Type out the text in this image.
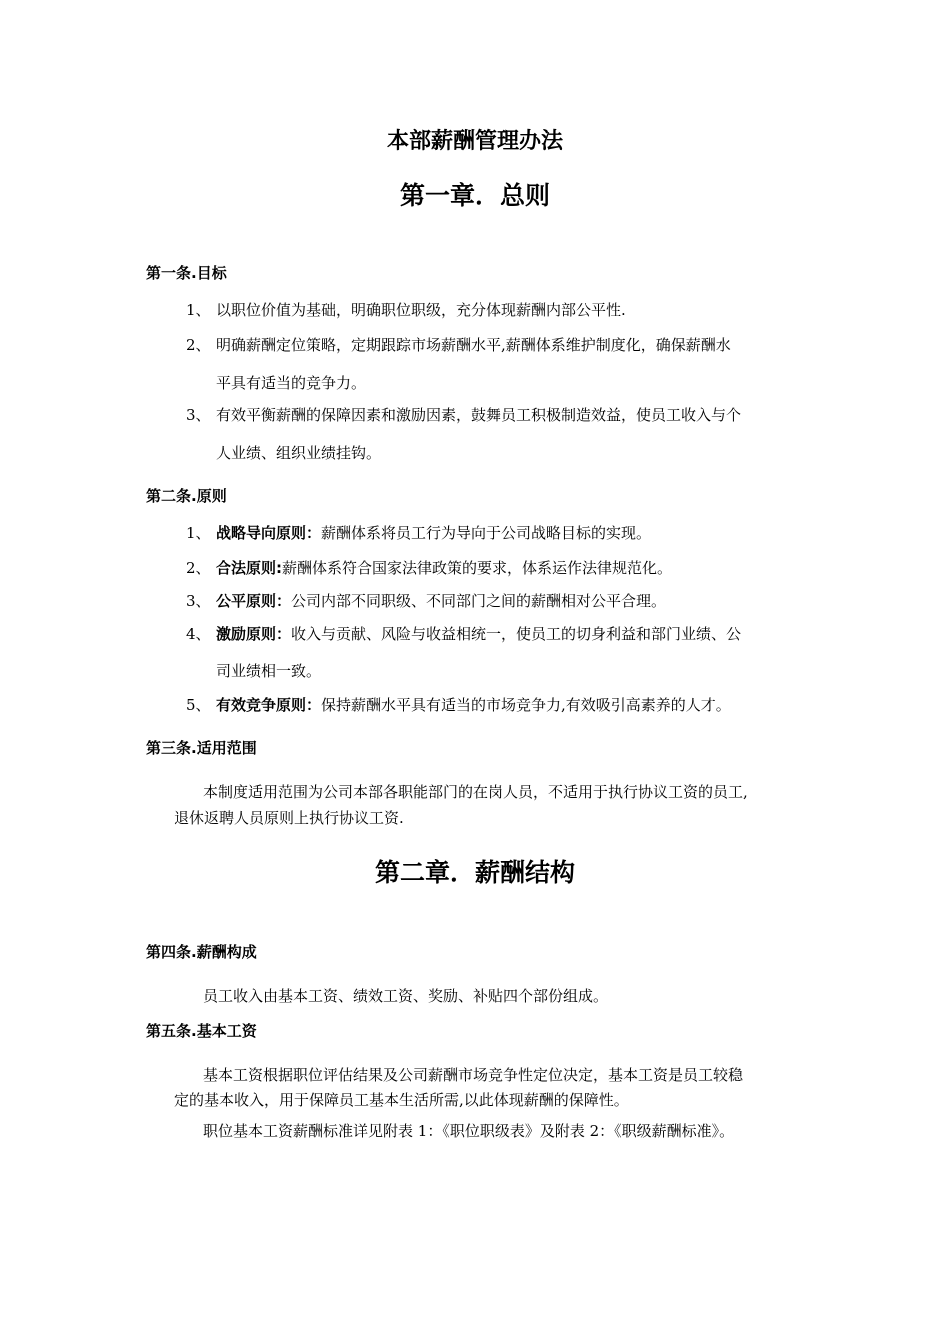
本部薪酬管理办法
第一章．总则
第一条.目标
1、 以职位价值为基础，明确职位职级，充分体现薪酬内部公平性.
2、 明确薪酬定位策略，定期跟踪市场薪酬水平,薪酬体系维护制度化，确保薪酬水
平具有适当的竞争力。
3、 有效平衡薪酬的保障因素和激励因素，鼓舞员工积极制造效益，使员工收入与个
人业绩、组织业绩挂钩。
第二条.原则
1、 战略导向原则：薪酬体系将员工行为导向于公司战略目标的实现。
2、 合法原则:薪酬体系符合国家法律政策的要求，体系运作法律规范化。
3、 公平原则：公司内部不同职级、不同部门之间的薪酬相对公平合理。
4、 激励原则：收入与贡献、风险与收益相统一，使员工的切身利益和部门业绩、公
司业绩相一致。
5、 有效竞争原则：保持薪酬水平具有适当的市场竞争力,有效吸引高素养的人才。
第三条.适用范围
本制度适用范围为公司本部各职能部门的在岗人员，不适用于执行协议工资的员工,
退休返聘人员原则上执行协议工资.
第二章．薪酬结构
第四条.薪酬构成
员工收入由基本工资、绩效工资、奖励、补贴四个部份组成。
第五条.基本工资
基本工资根据职位评估结果及公司薪酬市场竞争性定位决定，基本工资是员工较稳
定的基本收入，用于保障员工基本生活所需,以此体现薪酬的保障性。
职位基本工资薪酬标准详见附表 1：《职位职级表》及附表 2：《职级薪酬标准》。
